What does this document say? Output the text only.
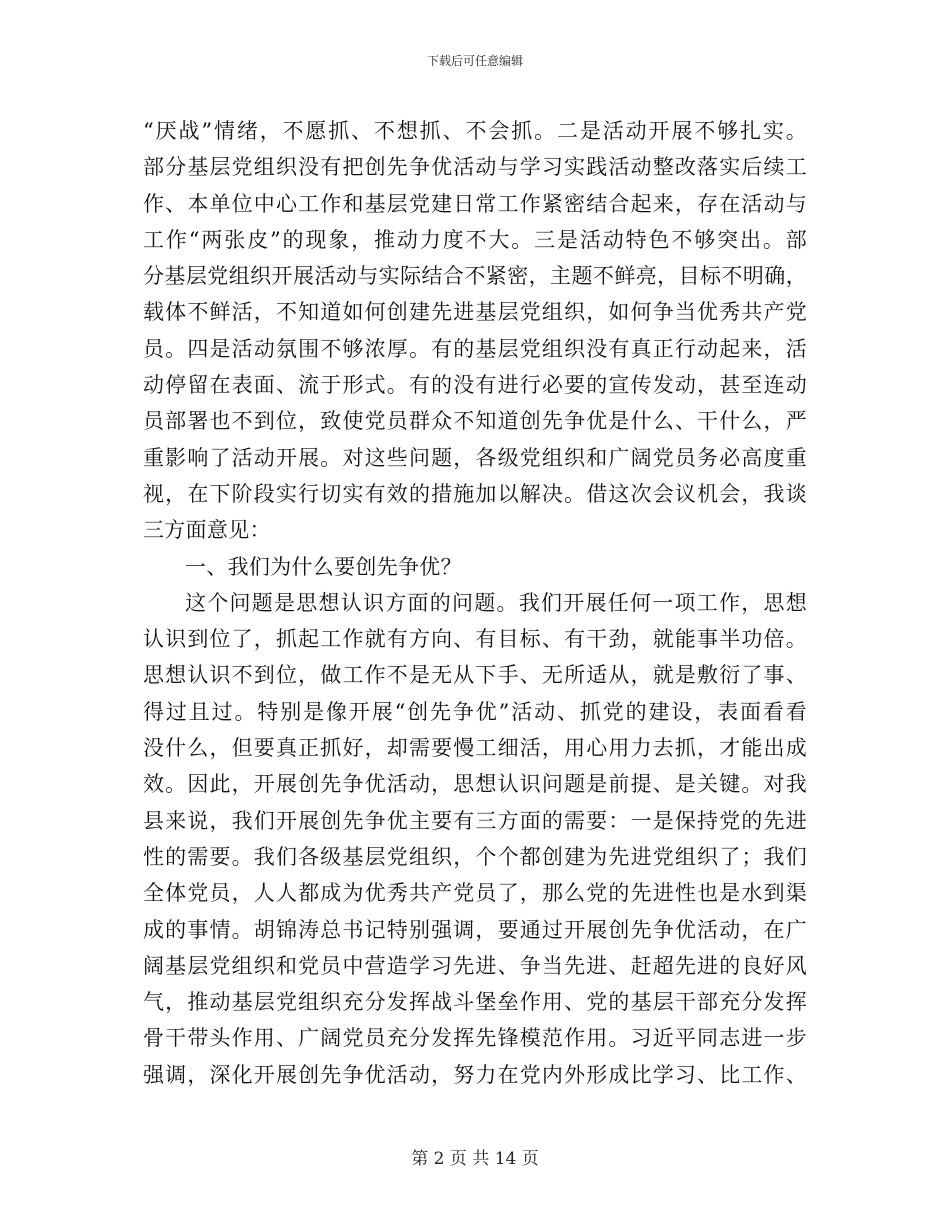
下载后可任意编辑
“厌战”情绪，不愿抓、不想抓、不会抓。二是活动开展不够扎实。
部分基层党组织没有把创先争优活动与学习实践活动整改落实后续工
作、本单位中心工作和基层党建日常工作紧密结合起来，存在活动与
工作“两张皮”的现象，推动力度不大。三是活动特色不够突出。部
分基层党组织开展活动与实际结合不紧密，主题不鲜亮，目标不明确，
载体不鲜活，不知道如何创建先进基层党组织，如何争当优秀共产党
员。四是活动氛围不够浓厚。有的基层党组织没有真正行动起来，活
动停留在表面、流于形式。有的没有进行必要的宣传发动，甚至连动
员部署也不到位，致使党员群众不知道创先争优是什么、干什么，严
重影响了活动开展。对这些问题，各级党组织和广阔党员务必高度重
视，在下阶段实行切实有效的措施加以解决。借这次会议机会，我谈
三方面意见：
一、我们为什么要创先争优？
这个问题是思想认识方面的问题。我们开展任何一项工作，思想
认识到位了，抓起工作就有方向、有目标、有干劲，就能事半功倍。
思想认识不到位，做工作不是无从下手、无所适从，就是敷衍了事、
得过且过。特别是像开展“创先争优”活动、抓党的建设，表面看看
没什么，但要真正抓好，却需要慢工细活，用心用力去抓，才能出成
效。因此，开展创先争优活动，思想认识问题是前提、是关键。对我
县来说，我们开展创先争优主要有三方面的需要：一是保持党的先进
性的需要。我们各级基层党组织，个个都创建为先进党组织了；我们
全体党员，人人都成为优秀共产党员了，那么党的先进性也是水到渠
成的事情。胡锦涛总书记特别强调，要通过开展创先争优活动，在广
阔基层党组织和党员中营造学习先进、争当先进、赶超先进的良好风
气，推动基层党组织充分发挥战斗堡垒作用、党的基层干部充分发挥
骨干带头作用、广阔党员充分发挥先锋模范作用。习近平同志进一步
强调，深化开展创先争优活动，努力在党内外形成比学习、比工作、
第 2 页 共 14 页
